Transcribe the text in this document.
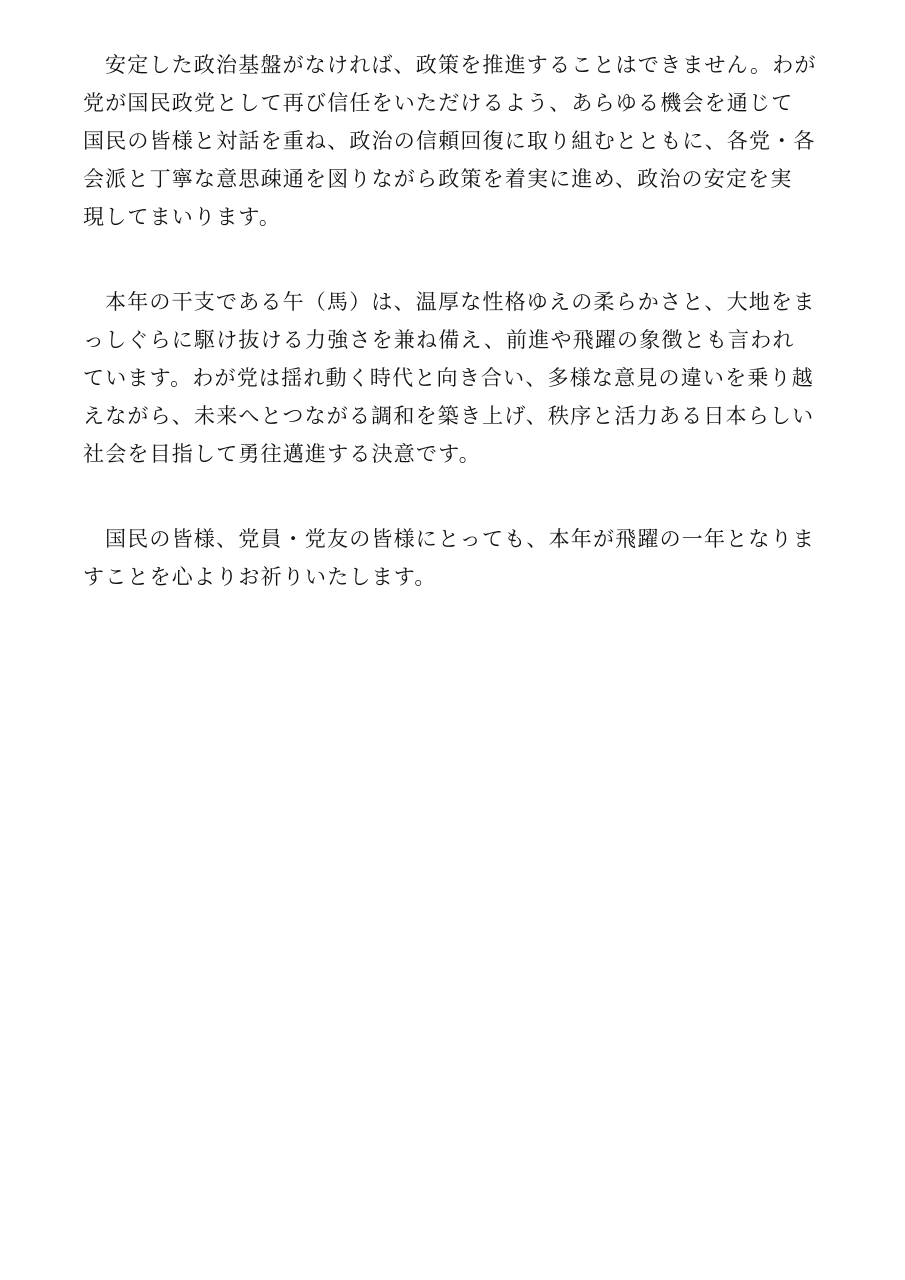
安定した政治基盤がなければ、政策を推進することはできません。わが
党が国民政党として再び信任をいただけるよう、あらゆる機会を通じて
国民の皆様と対話を重ね、政治の信頼回復に取り組むとともに、各党・各
会派と丁寧な意思疎通を図りながら政策を着実に進め、政治の安定を実
現してまいります。
本年の干支である午（馬）は、温厚な性格ゆえの柔らかさと、大地をま
っしぐらに駆け抜ける力強さを兼ね備え、前進や飛躍の象徴とも言われ
ています。わが党は揺れ動く時代と向き合い、多様な意見の違いを乗り越
えながら、未来へとつながる調和を築き上げ、秩序と活力ある日本らしい
社会を目指して勇往邁進する決意です。
国民の皆様、党員・党友の皆様にとっても、本年が飛躍の一年となりま
すことを心よりお祈りいたします。
